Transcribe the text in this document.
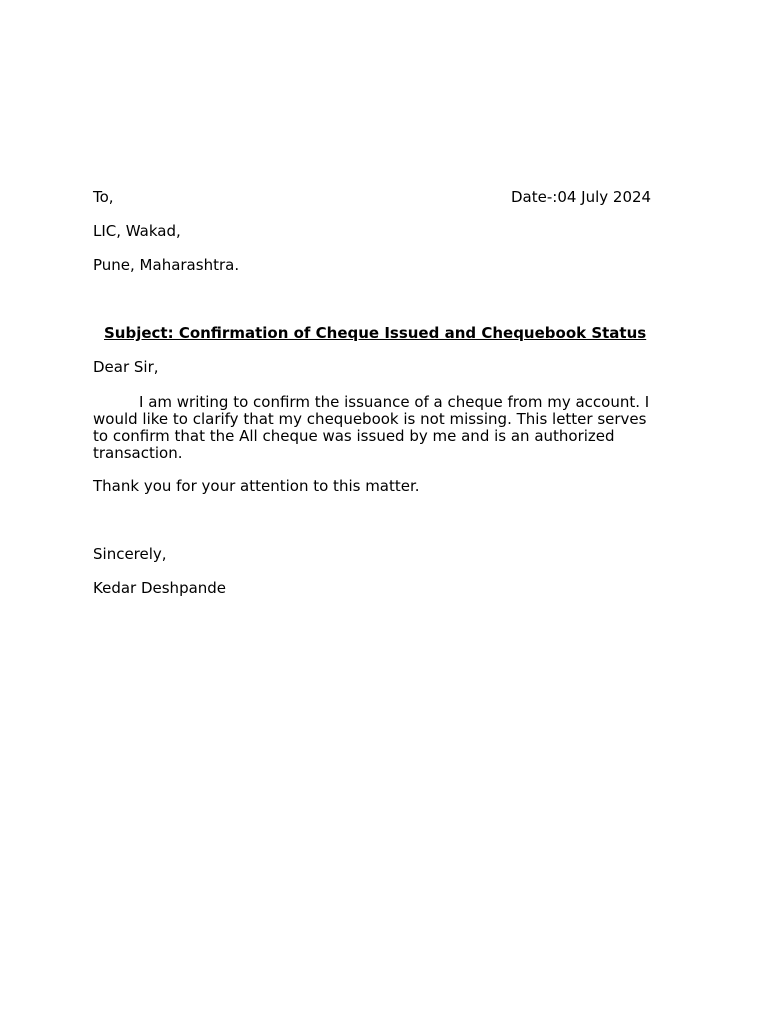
To,	Date-:04 July 2024
LIC, Wakad,
Pune, Maharashtra.
Subject: Confirmation of Cheque Issued and Chequebook Status
Dear Sir,
I am writing to confirm the issuance of a cheque from my account. I
would like to clarify that my chequebook is not missing. This letter serves
to confirm that the All cheque was issued by me and is an authorized
transaction.
Thank you for your attention to this matter.
Sincerely,
Kedar Deshpande
